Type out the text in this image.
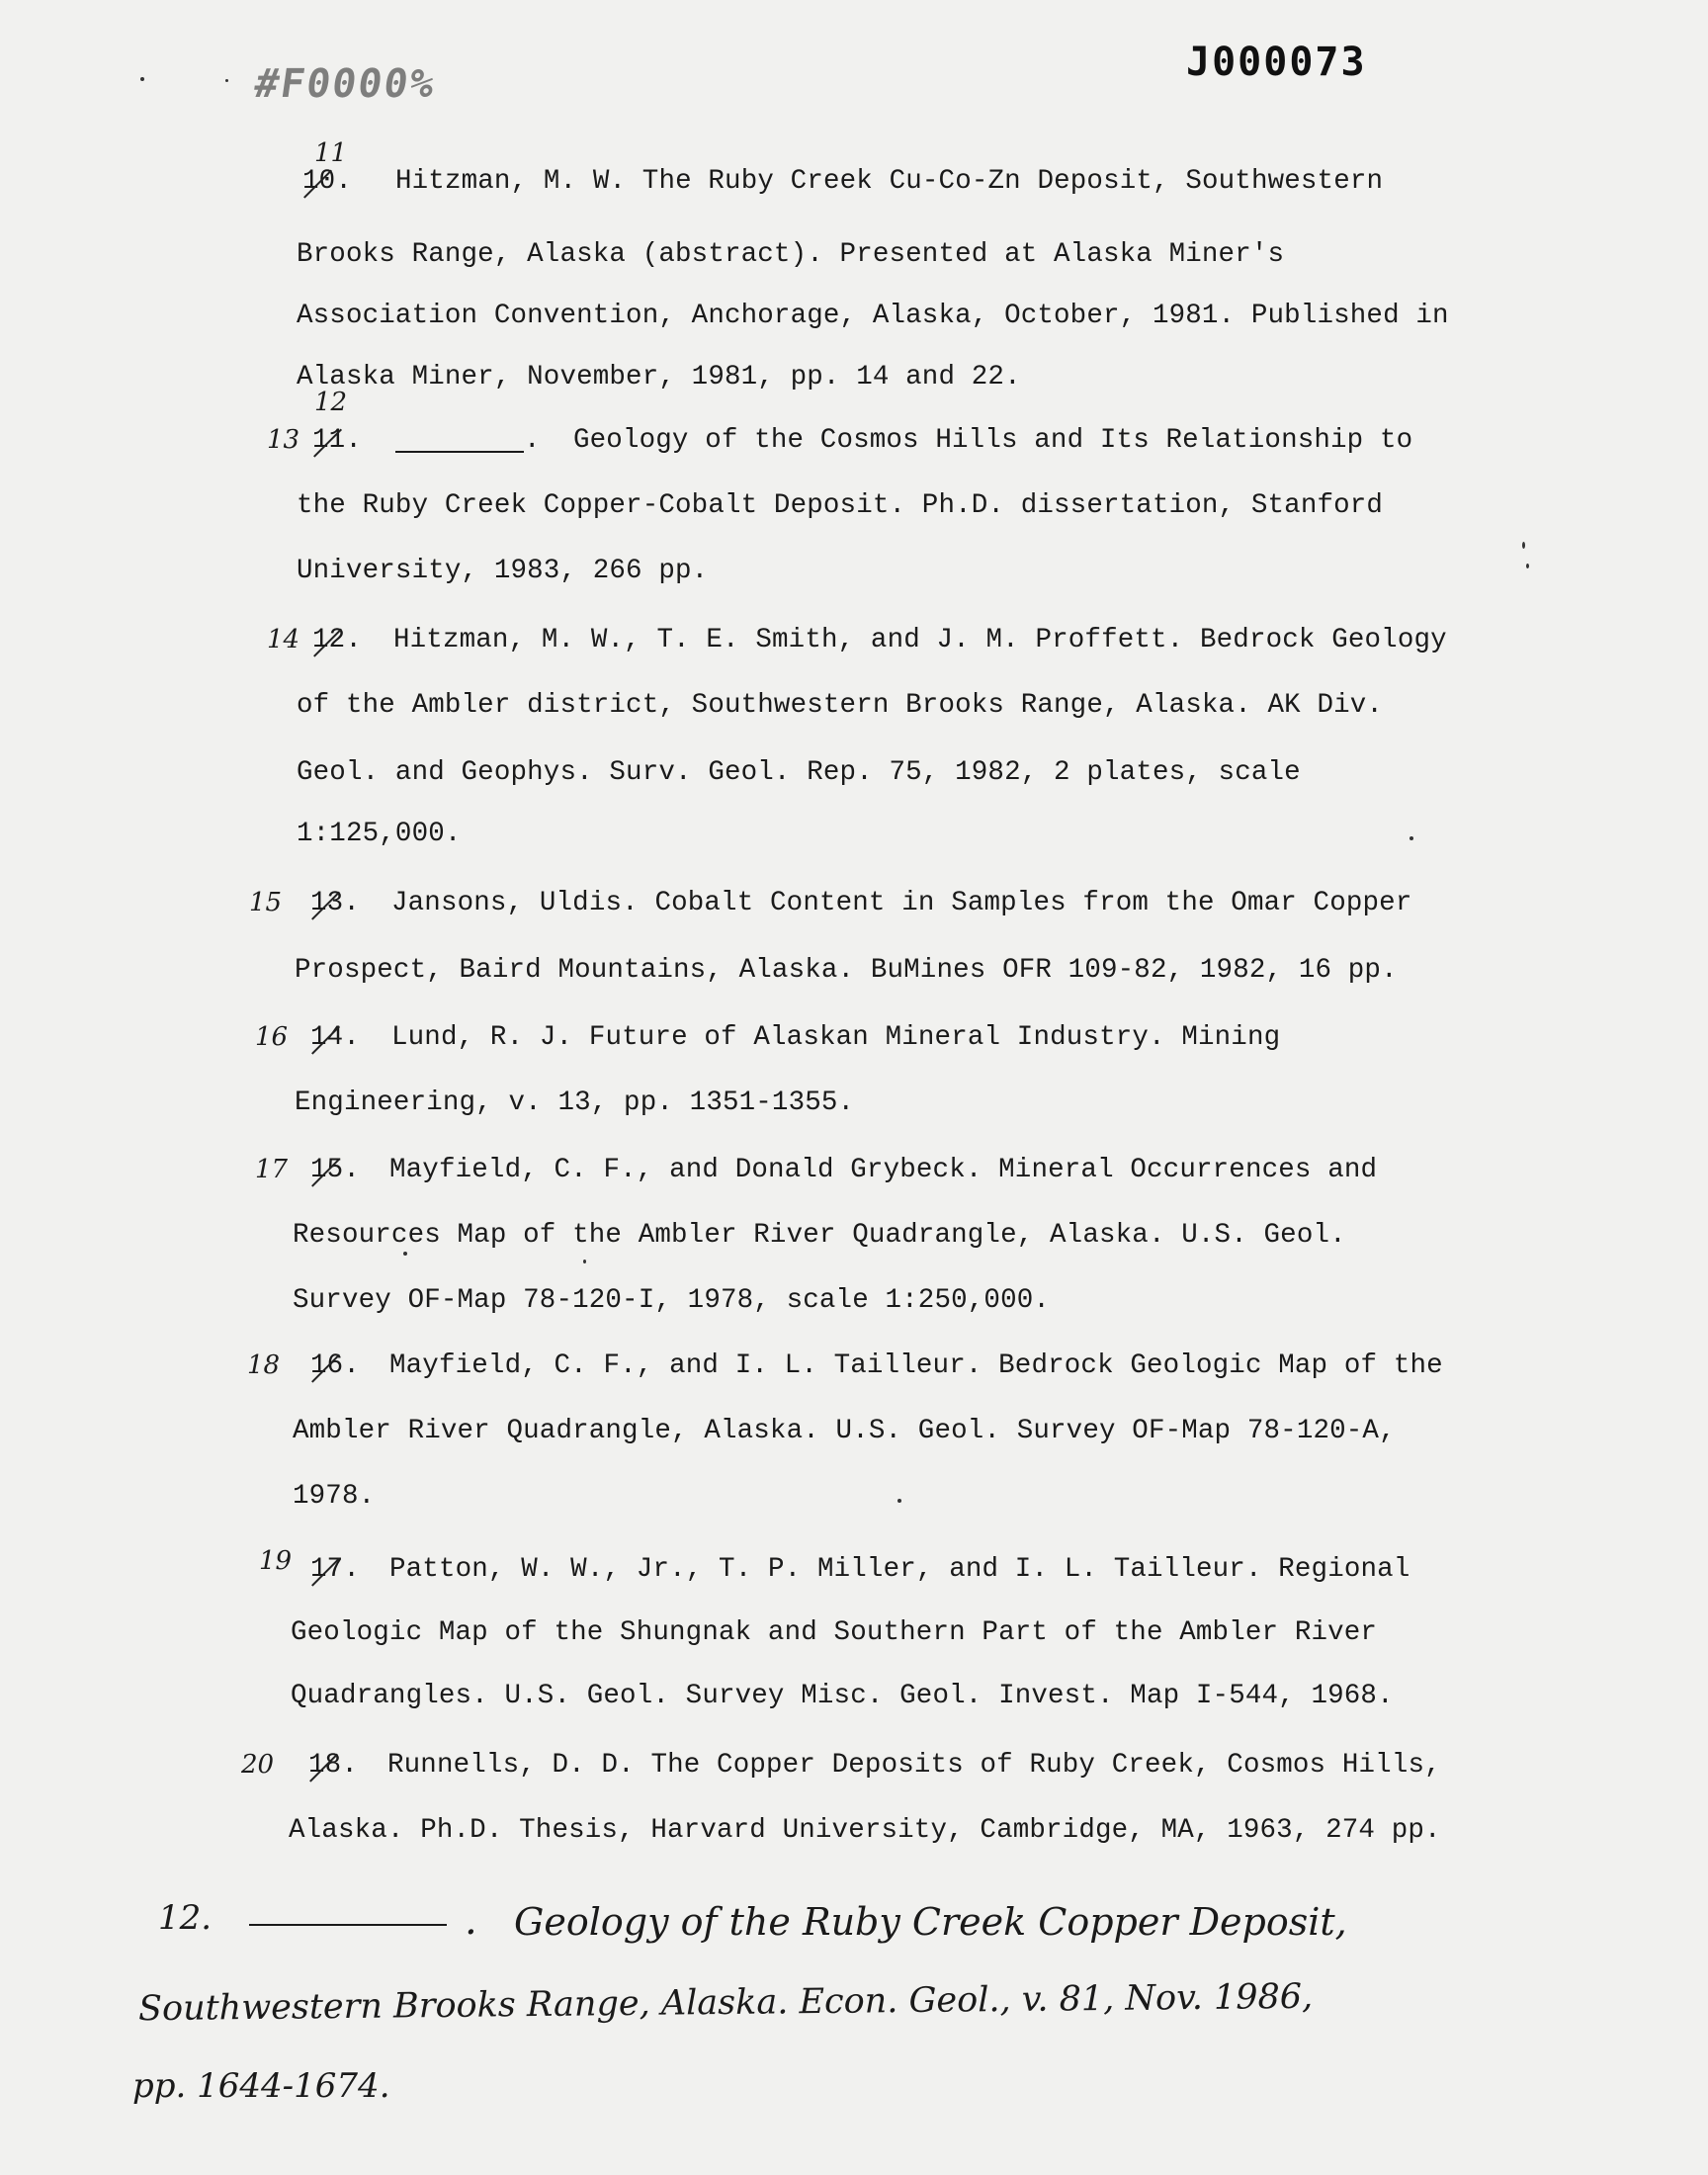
#F0000%	J000073
11
10. Hitzman, M. W. The Ruby Creek Cu-Co-Zn Deposit, Southwestern
Brooks Range, Alaska (abstract). Presented at Alaska Miner's
Association Convention, Anchorage, Alaska, October, 1981. Published in
Alaska Miner, November, 1981, pp. 14 and 22.
12
13 11.	. Geology of the Cosmos Hills and Its Relationship to
the Ruby Creek Copper-Cobalt Deposit. Ph.D. dissertation, Stanford
University, 1983, 266 pp.
14 12. Hitzman, M. W., T. E. Smith, and J. M. Proffett. Bedrock Geology
of the Ambler district, Southwestern Brooks Range, Alaska. AK Div.
Geol. and Geophys. Surv. Geol. Rep. 75, 1982, 2 plates, scale
1:125,000.
15 13. Jansons, Uldis. Cobalt Content in Samples from the Omar Copper
Prospect, Baird Mountains, Alaska. BuMines OFR 109-82, 1982, 16 pp.
16 14. Lund, R. J. Future of Alaskan Mineral Industry. Mining
Engineering, v. 13, pp. 1351-1355.
17 15. Mayfield, C. F., and Donald Grybeck. Mineral Occurrences and
Resources Map of the Ambler River Quadrangle, Alaska. U.S. Geol.
Survey OF-Map 78-120-I, 1978, scale 1:250,000.
18 16. Mayfield, C. F., and I. L. Tailleur. Bedrock Geologic Map of the
Ambler River Quadrangle, Alaska. U.S. Geol. Survey OF-Map 78-120-A,
1978.
19 17. Patton, W. W., Jr., T. P. Miller, and I. L. Tailleur. Regional
Geologic Map of the Shungnak and Southern Part of the Ambler River
Quadrangles. U.S. Geol. Survey Misc. Geol. Invest. Map I-544, 1968.
20 18. Runnells, D. D. The Copper Deposits of Ruby Creek, Cosmos Hills,
Alaska. Ph.D. Thesis, Harvard University, Cambridge, MA, 1963, 274 pp.
12.	. Geology of the Ruby Creek Copper Deposit,
Southwestern Brooks Range, Alaska. Econ. Geol., v. 81, Nov. 1986,
pp. 1644-1674.
